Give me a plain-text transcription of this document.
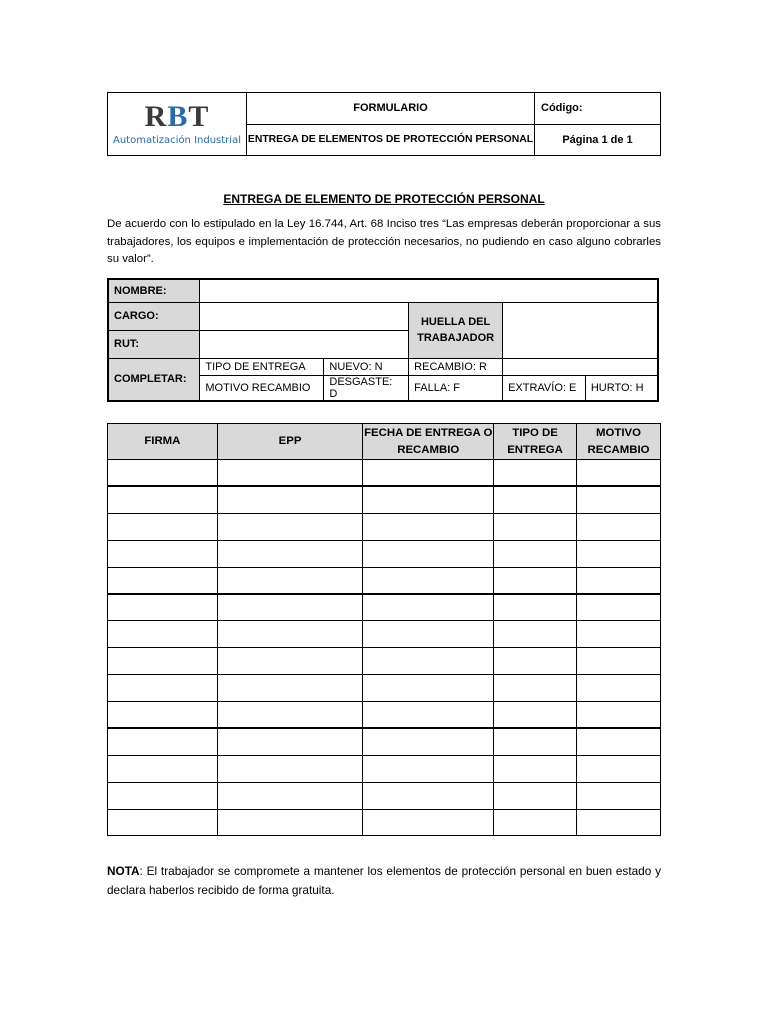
RBT
Automatización Industrial	FORMULARIO	Código:
	ENTREGA DE ELEMENTOS DE PROTECCIÓN PERSONAL	Página 1 de 1
ENTREGA DE ELEMENTO DE PROTECCIÓN PERSONAL

De acuerdo con lo estipulado en la Ley 16.744, Art. 68 Inciso tres “Las empresas deberán proporcionar a sus trabajadores, los equipos e implementación de protección necesarios, no pudiendo en caso alguno cobrarles su valor”.

NOMBRE:					
CARGO:			HUELLA DEL TRABAJADOR		
RUT:					
COMPLETAR:	TIPO DE ENTREGA	NUEVO: N	RECAMBIO: R		
	MOTIVO RECAMBIO	DESGASTE: D	FALLA: F	EXTRAVÍO: E	HURTO: H
FIRMA	EPP	FECHA DE ENTREGA O RECAMBIO	TIPO DE ENTREGA	MOTIVO RECAMBIO

NOTA: El trabajador se compromete a mantener los elementos de protección personal en buen estado y declara haberlos recibido de forma gratuita.
